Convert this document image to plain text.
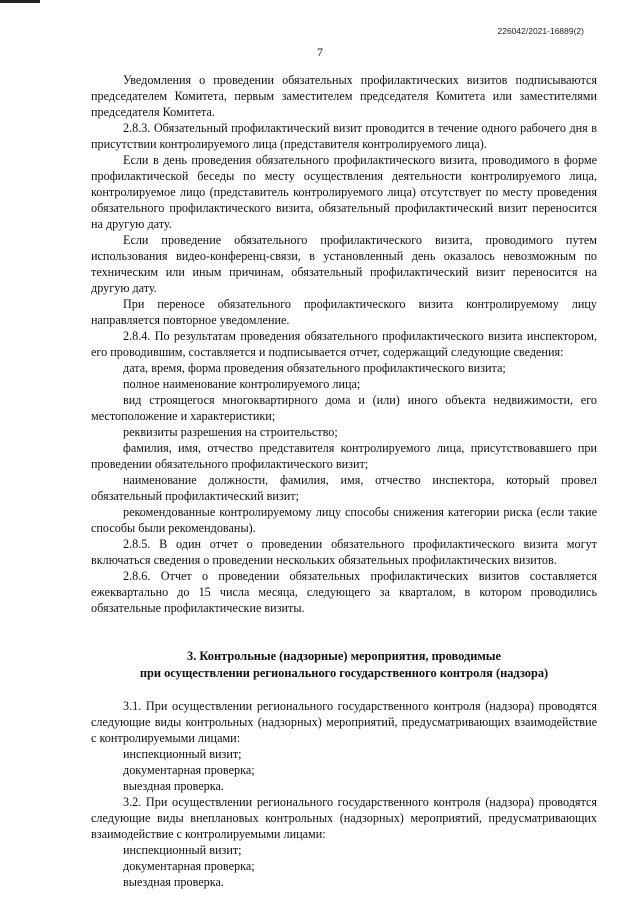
226042/2021-16889(2)
7

Уведомления о проведении обязательных профилактических визитов подписываются председателем Комитета, первым заместителем председателя Комитета или заместителями председателя Комитета.

2.8.3. Обязательный профилактический визит проводится в течение одного рабочего дня в присутствии контролируемого лица (представителя контролируемого лица).

Если в день проведения обязательного профилактического визита, проводимого в форме профилактической беседы по месту осуществления деятельности контролируемого лица, контролируемое лицо (представитель контролируемого лица) отсутствует по месту проведения обязательного профилактического визита, обязательный профилактический визит переносится на другую дату.

Если проведение обязательного профилактического визита, проводимого путем использования видео-конференц-связи, в установленный день оказалось невозможным по техническим или иным причинам, обязательный профилактический визит переносится на другую дату.

При переносе обязательного профилактического визита контролируемому лицу направляется повторное уведомление.

2.8.4. По результатам проведения обязательного профилактического визита инспектором, его проводившим, составляется и подписывается отчет, содержащий следующие сведения:

дата, время, форма проведения обязательного профилактического визита;

полное наименование контролируемого лица;

вид строящегося многоквартирного дома и (или) иного объекта недвижимости, его местоположение и характеристики;

реквизиты разрешения на строительство;

фамилия, имя, отчество представителя контролируемого лица, присутствовавшего при проведении обязательного профилактического визит;

наименование должности, фамилия, имя, отчество инспектора, который провел обязательный профилактический визит;

рекомендованные контролируемому лицу способы снижения категории риска (если такие способы были рекомендованы).

2.8.5. В один отчет о проведении обязательного профилактического визита могут включаться сведения о проведении нескольких обязательных профилактических визитов.

2.8.6. Отчет о проведении обязательных профилактических визитов составляется ежеквартально до 15 числа месяца, следующего за кварталом, в котором проводились обязательные профилактические визиты.

3. Контрольные (надзорные) мероприятия, проводимые
при осуществлении регионального государственного контроля (надзора)

3.1. При осуществлении регионального государственного контроля (надзора) проводятся следующие виды контрольных (надзорных) мероприятий, предусматривающих взаимодействие с контролируемыми лицами:

инспекционный визит;

документарная проверка;

выездная проверка.

3.2. При осуществлении регионального государственного контроля (надзора) проводятся следующие виды внеплановых контрольных (надзорных) мероприятий, предусматривающих взаимодействие с контролируемыми лицами:

инспекционный визит;

документарная проверка;

выездная проверка.
